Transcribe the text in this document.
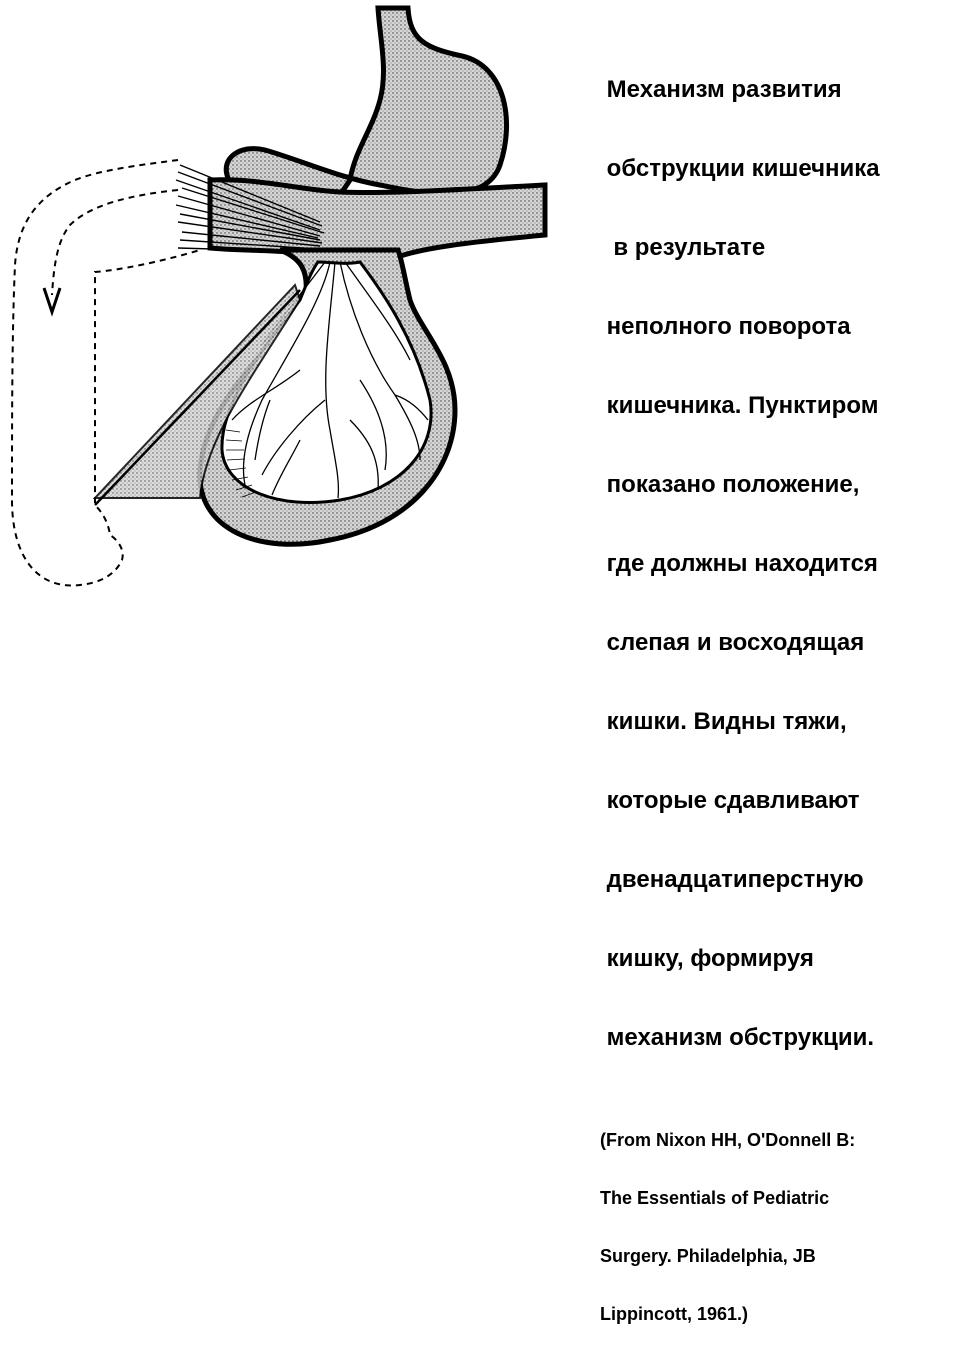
Механизм развития

обструкции кишечника

в результате

неполного поворота

кишечника. Пунктиром

показано положение,

где должны находится

слепая и восходящая

кишки. Видны тяжи,

которые сдавливают

двенадцатиперстную

кишку, формируя

механизм обструкции.

(From Nixon HH, O'Donnell B:

The Essentials of Pediatric

Surgery. Philadelphia, JB

Lippincott, 1961.)
